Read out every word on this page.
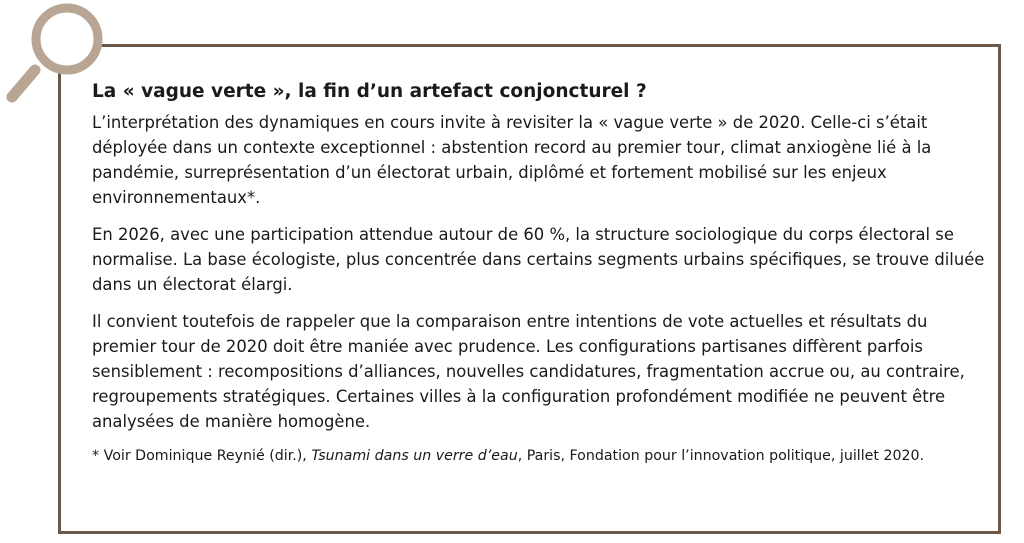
La « vague verte », la fin d’un artefact conjoncturel ?

L’interprétation des dynamiques en cours invite à revisiter la « vague verte » de 2020. Celle-ci s’était déployée dans un contexte exceptionnel : abstention record au premier tour, climat anxiogène lié à la pandémie, surreprésentation d’un électorat urbain, diplômé et fortement mobilisé sur les enjeux environnementaux*.

En 2026, avec une participation attendue autour de 60 %, la structure sociologique du corps électoral se normalise. La base écologiste, plus concentrée dans certains segments urbains spécifiques, se trouve diluée dans un électorat élargi.

Il convient toutefois de rappeler que la comparaison entre intentions de vote actuelles et résultats du premier tour de 2020 doit être maniée avec prudence. Les configurations partisanes diffèrent parfois sensiblement : recompositions d’alliances, nouvelles candidatures, fragmentation accrue ou, au contraire, regroupements stratégiques. Certaines villes à la configuration profondément modifiée ne peuvent être analysées de manière homogène.

* Voir Dominique Reynié (dir.), Tsunami dans un verre d’eau, Paris, Fondation pour l’innovation politique, juillet 2020.
